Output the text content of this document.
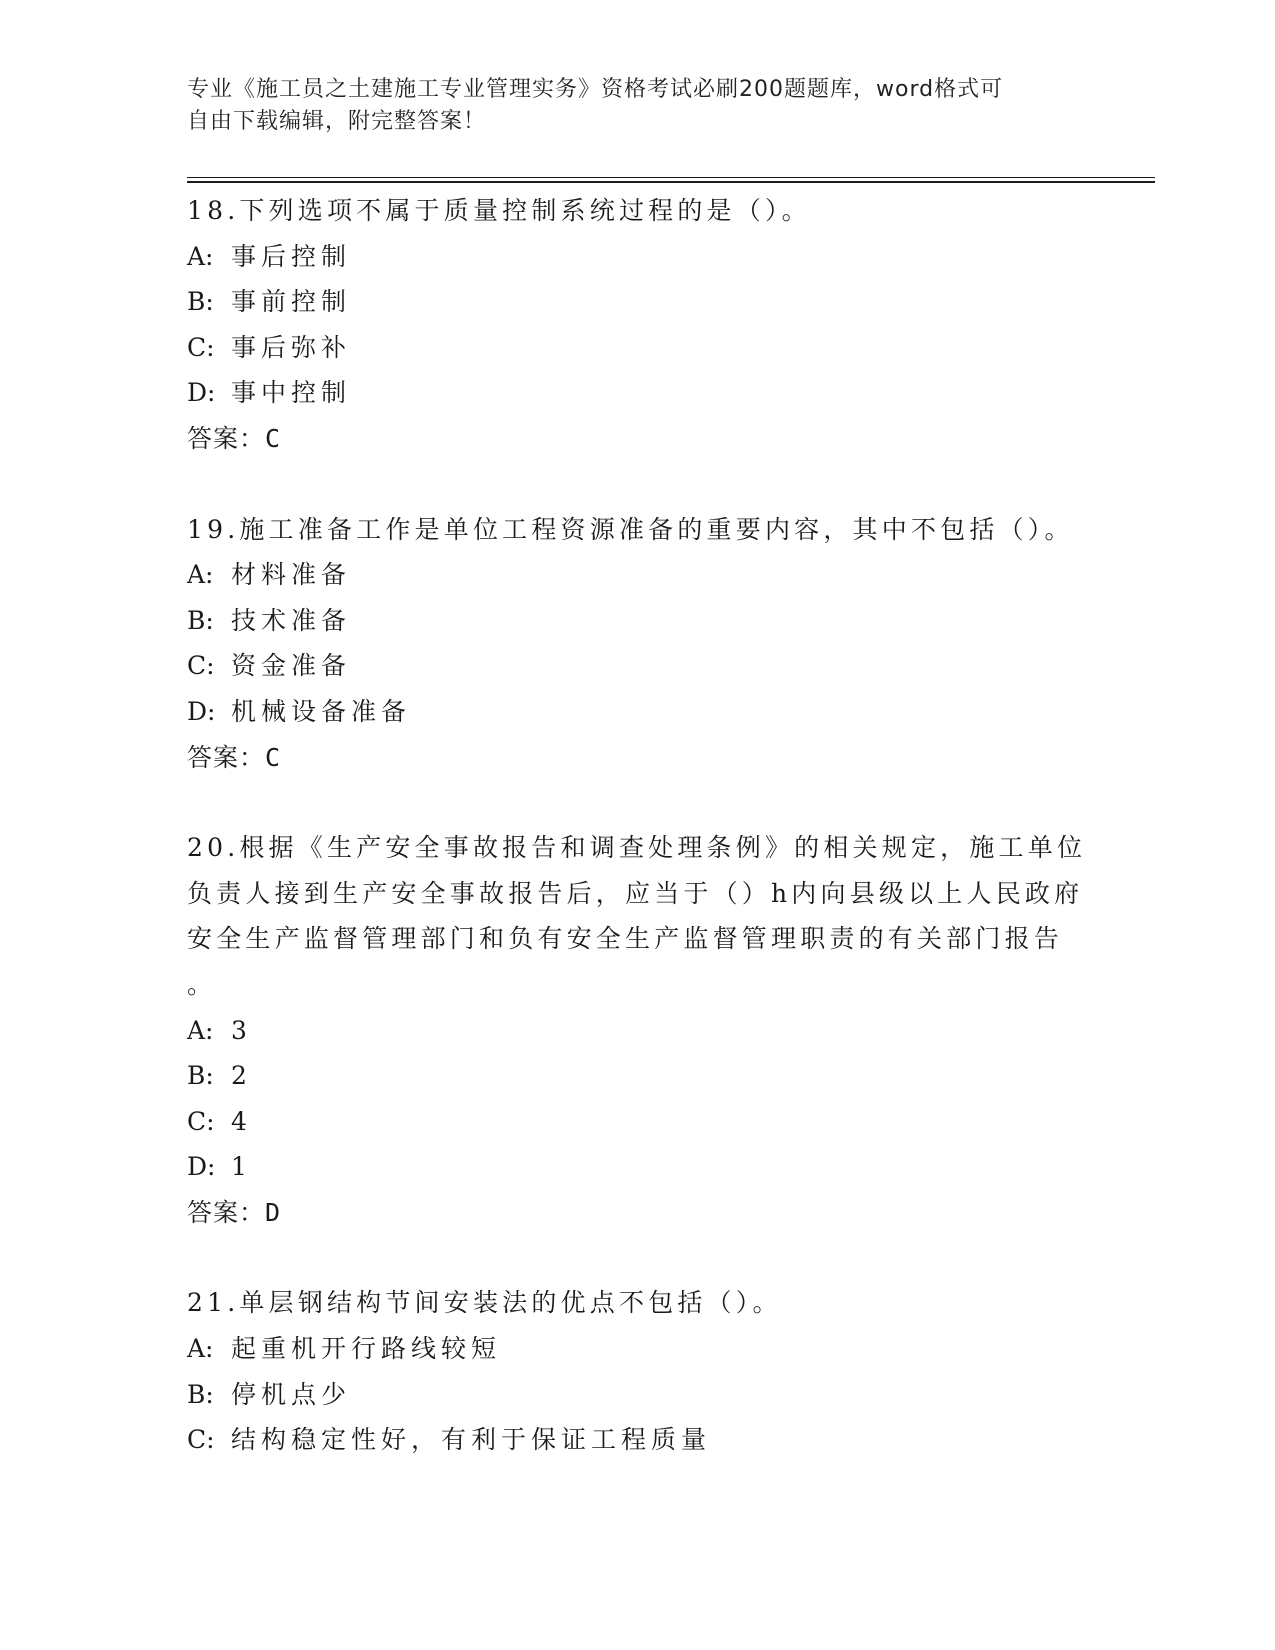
专业《施工员之土建施工专业管理实务》资格考试必刷200题题库，word格式可
自由下载编辑，附完整答案！
18.下列选项不属于质量控制系统过程的是（）。
A: 事后控制
B: 事前控制
C: 事后弥补
D: 事中控制
答案：C
19.施工准备工作是单位工程资源准备的重要内容，其中不包括（）。
A: 材料准备
B: 技术准备
C: 资金准备
D: 机械设备准备
答案：C
20.根据《生产安全事故报告和调查处理条例》的相关规定，施工单位
负责人接到生产安全事故报告后，应当于（）h内向县级以上人民政府
安全生产监督管理部门和负有安全生产监督管理职责的有关部门报告
。
A: 3
B: 2
C: 4
D: 1
答案：D
21.单层钢结构节间安装法的优点不包括（）。
A: 起重机开行路线较短
B: 停机点少
C: 结构稳定性好，有利于保证工程质量
